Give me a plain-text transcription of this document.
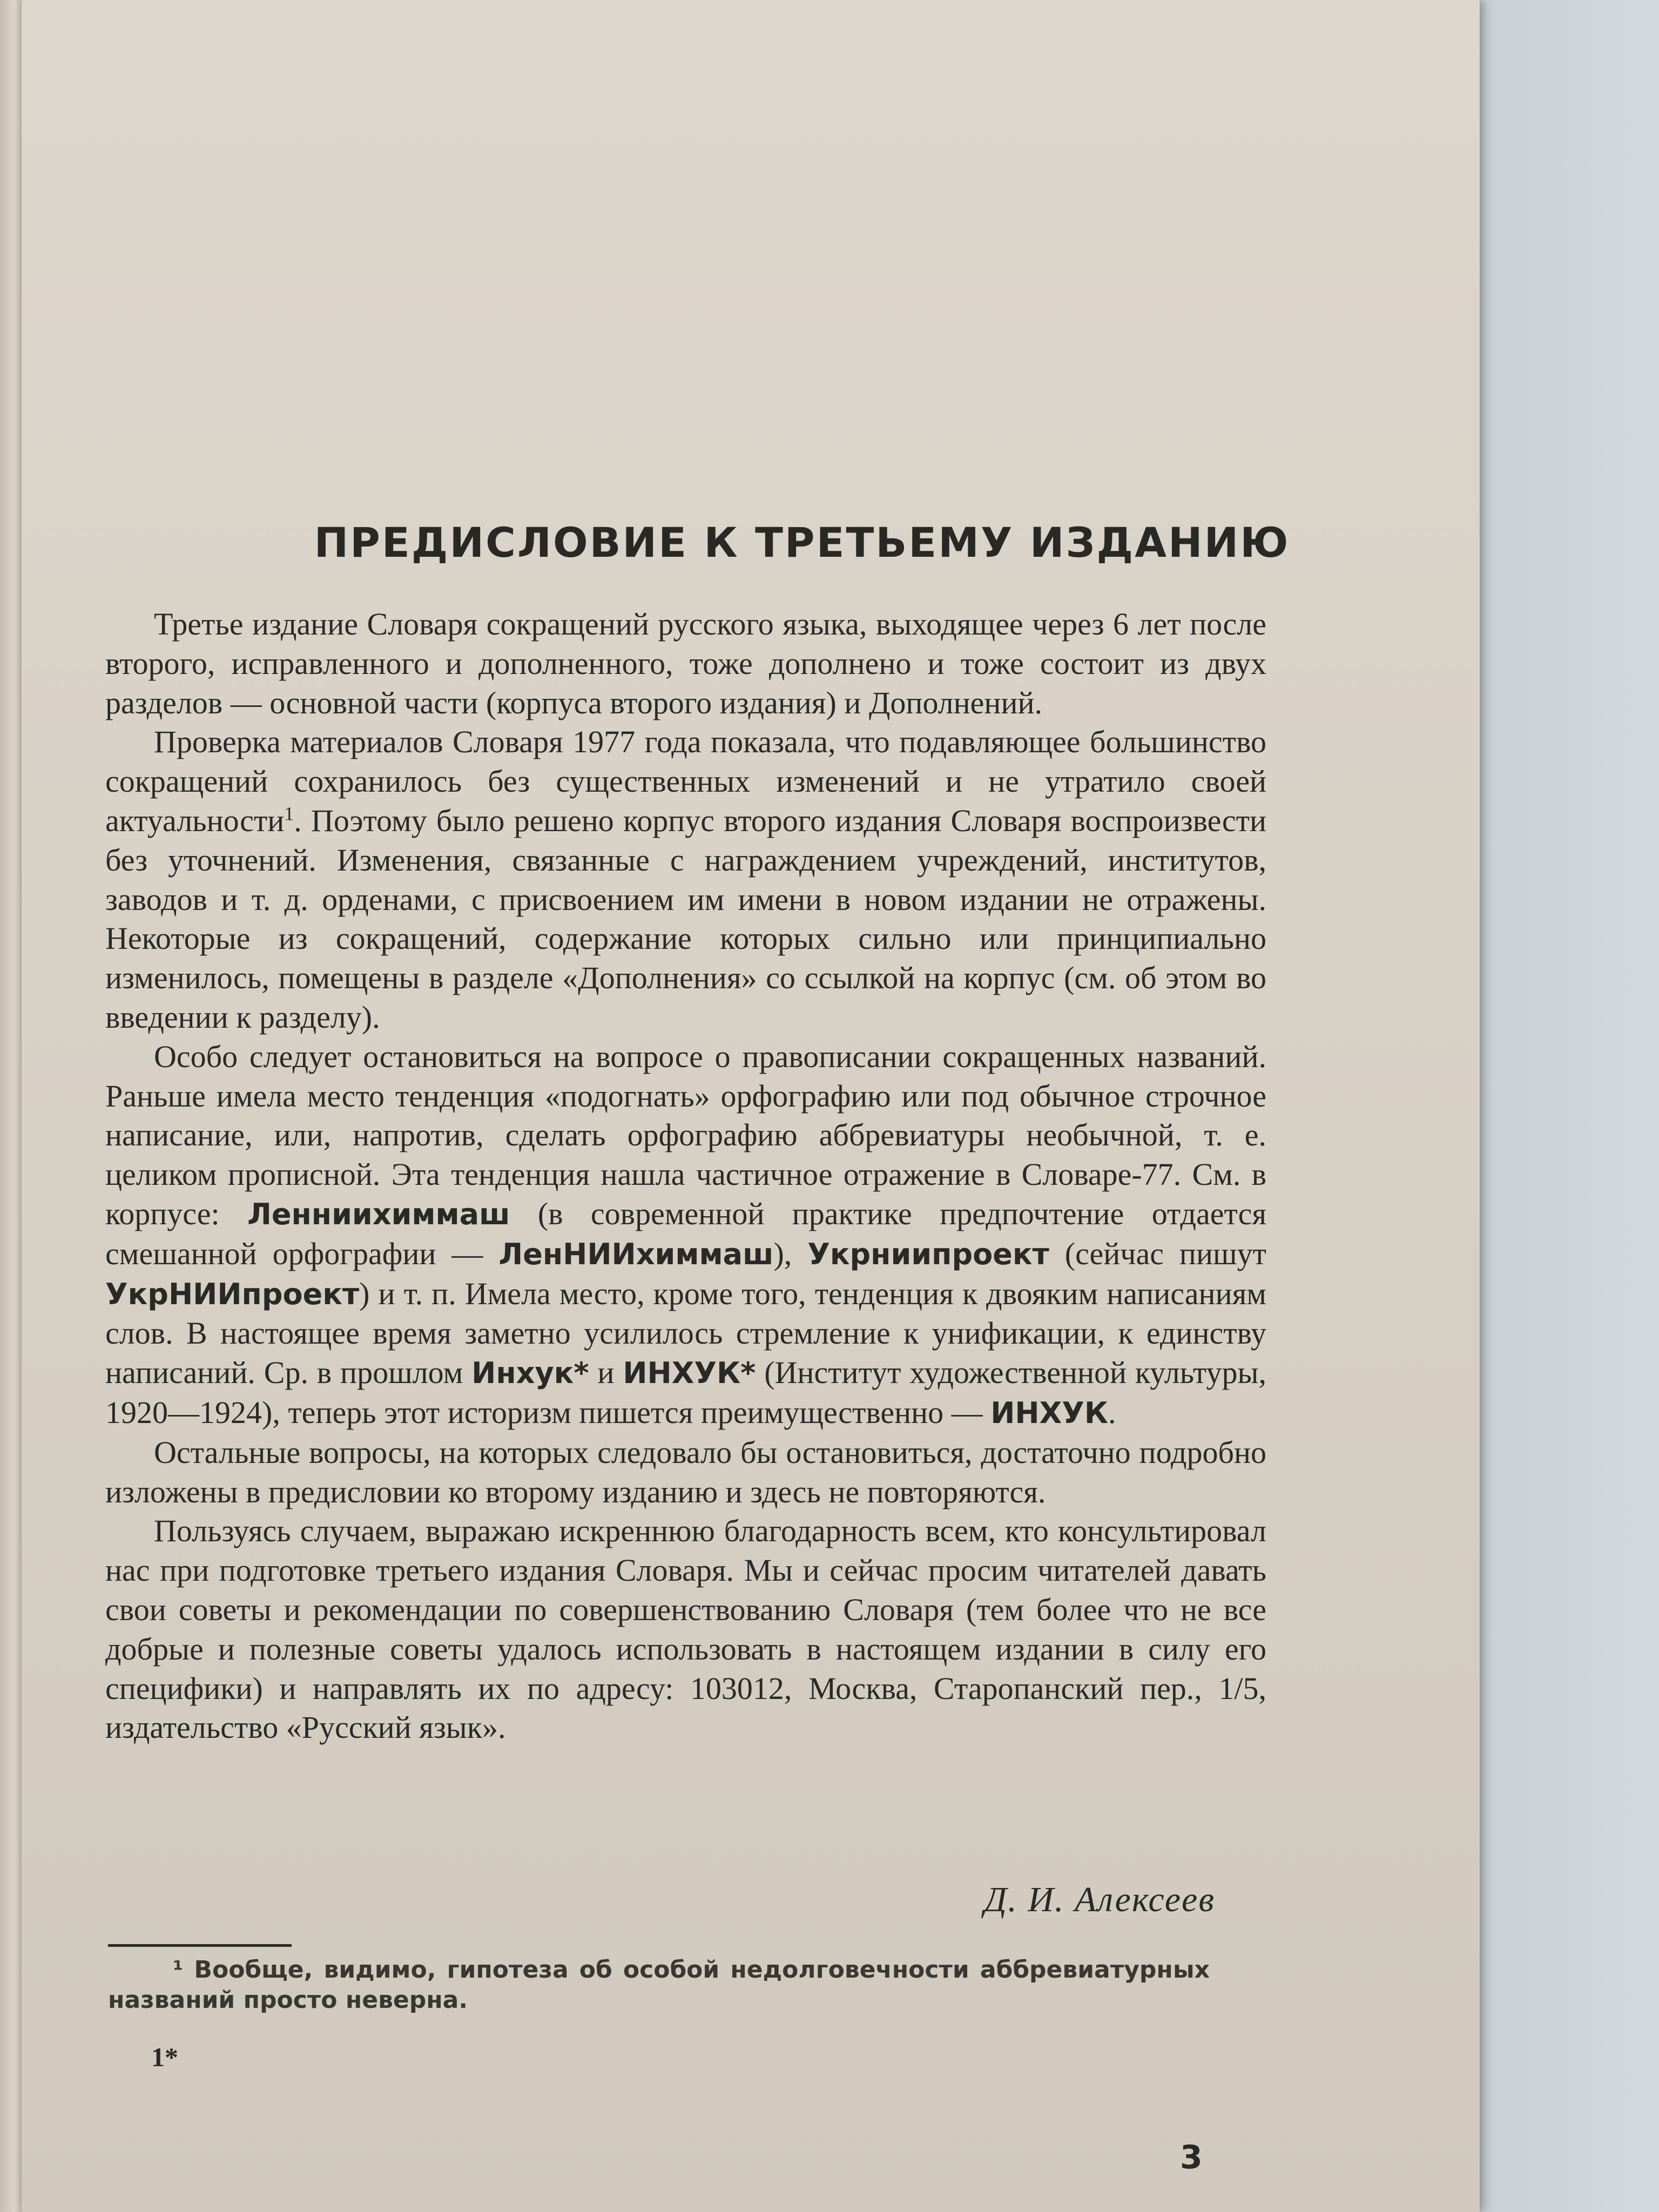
ПРЕДИСЛОВИЕ К ТРЕТЬЕМУ ИЗДАНИЮ

Третье издание Словаря сокращений русского языка, выходящее через 6 лет после второго, исправленного и дополненного, тоже дополнено и тоже состоит из двух разделов — основной части (корпуса второго издания) и Дополнений.

Проверка материалов Словаря 1977 года показала, что подавляющее большинство сокращений сохранилось без существенных изменений и не утратило своей актуальности$^1$. Поэтому было решено корпус второго издания Словаря воспроизвести без уточнений. Изменения, связанные с награждением учреждений, институтов, заводов и т. д. орденами, с присвоением им имени в новом издании не отражены. Некоторые из сокращений, содержание которых сильно или принципиально изменилось, помещены в разделе «Дополнения» со ссылкой на корпус (см. об этом во введении к разделу).

Особо следует остановиться на вопросе о правописании сокращенных названий. Раньше имела место тенденция «подогнать» орфографию или под обычное строчное написание, или, напротив, сделать орфографию аббревиатуры необычной, т. е. целиком прописной. Эта тенденция нашла частичное отражение в Словаре-77. См. в корпусе: Ленниихиммаш (в современной практике предпочтение отдается смешанной орфографии — ЛенНИИхиммаш), Укрниипроект (сейчас пишут УкрНИИпроект) и т. п. Имела место, кроме того, тенденция к двояким написаниям слов. В настоящее время заметно усилилось стремление к унификации, к единству написаний. Ср. в прошлом Инхук* и ИНХУК* (Институт художественной культуры, 1920—1924), теперь этот историзм пишется преимущественно — ИНХУК.

Остальные вопросы, на которых следовало бы остановиться, достаточно подробно изложены в предисловии ко второму изданию и здесь не повторяются.

Пользуясь случаем, выражаю искреннюю благодарность всем, кто консультировал нас при подготовке третьего издания Словаря. Мы и сейчас просим читателей давать свои советы и рекомендации по совершенствованию Словаря (тем более что не все добрые и полезные советы удалось использовать в настоящем издании в силу его специфики) и направлять их по адресу: 103012, Москва, Старопанский пер., 1/5, издательство «Русский язык».

Д. И. Алексеев
¹ Вообще, видимо, гипотеза об особой недолговечности аббревиатурных названий просто неверна.
1*
3
